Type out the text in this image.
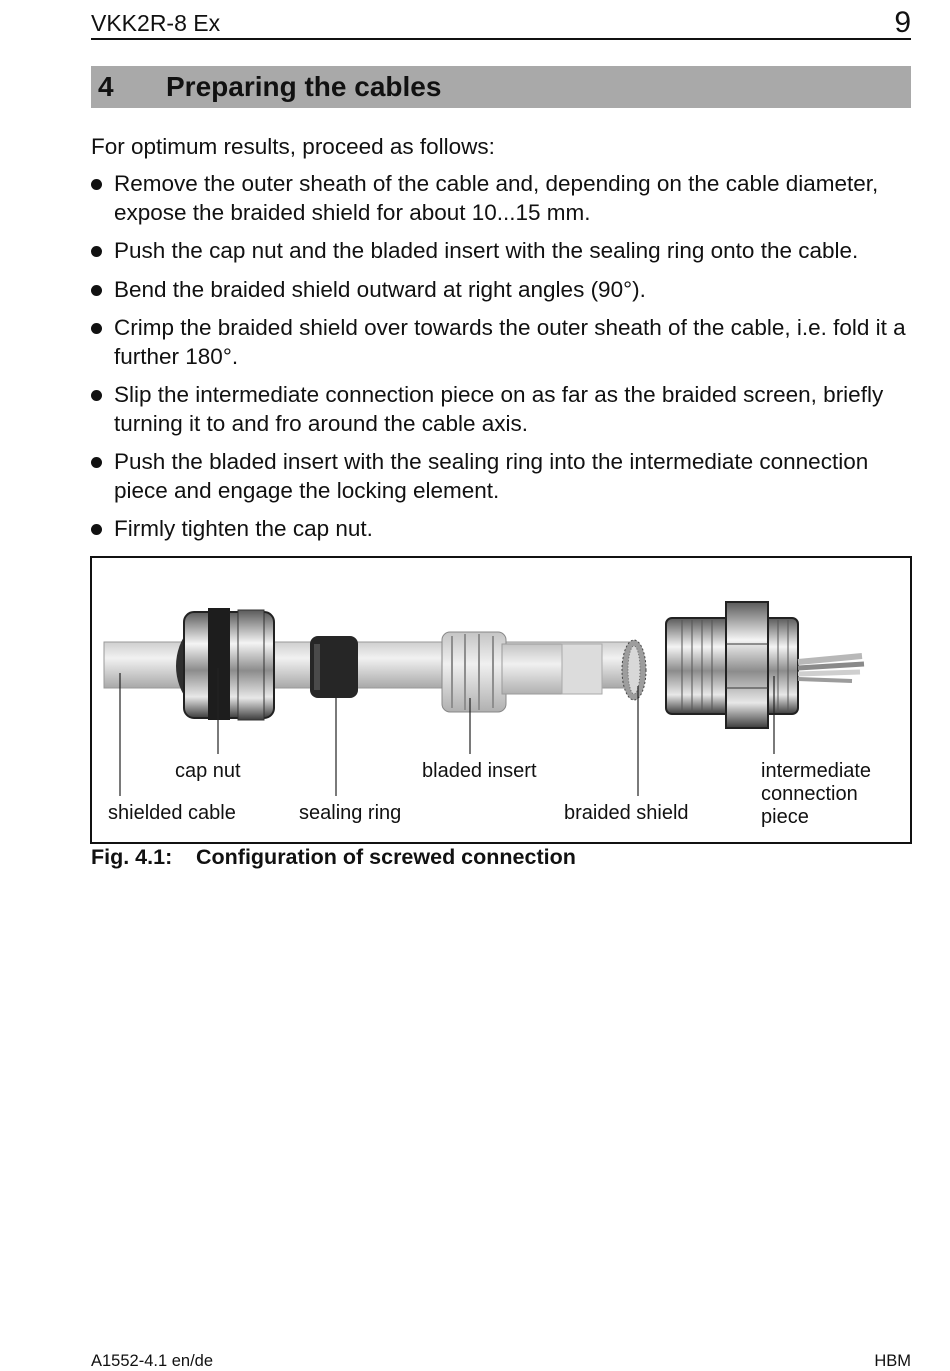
VKK2R-8 Ex	9
4 Preparing the cables
For optimum results, proceed as follows:
Remove the outer sheath of the cable and, depending on the cable diameter, expose the braided shield for about 10...15 mm.
Push the cap nut and the bladed insert with the sealing ring onto the cable.
Bend the braided shield outward at right angles (90°).
Crimp the braided shield over towards the outer sheath of the cable, i.e. fold it a further 180°.
Slip the intermediate connection piece on as far as the braided screen, briefly turning it to and fro around the cable axis.
Push the bladed insert with the sealing ring into the intermediate connection piece and engage the locking element.
Firmly tighten the cap nut.
cap nut
shielded cable	sealing ring
bladed insert
braided shield
intermediate
connection
piece
Fig. 4.1: Configuration of screwed connection
A1552-4.1 en/de	HBM
